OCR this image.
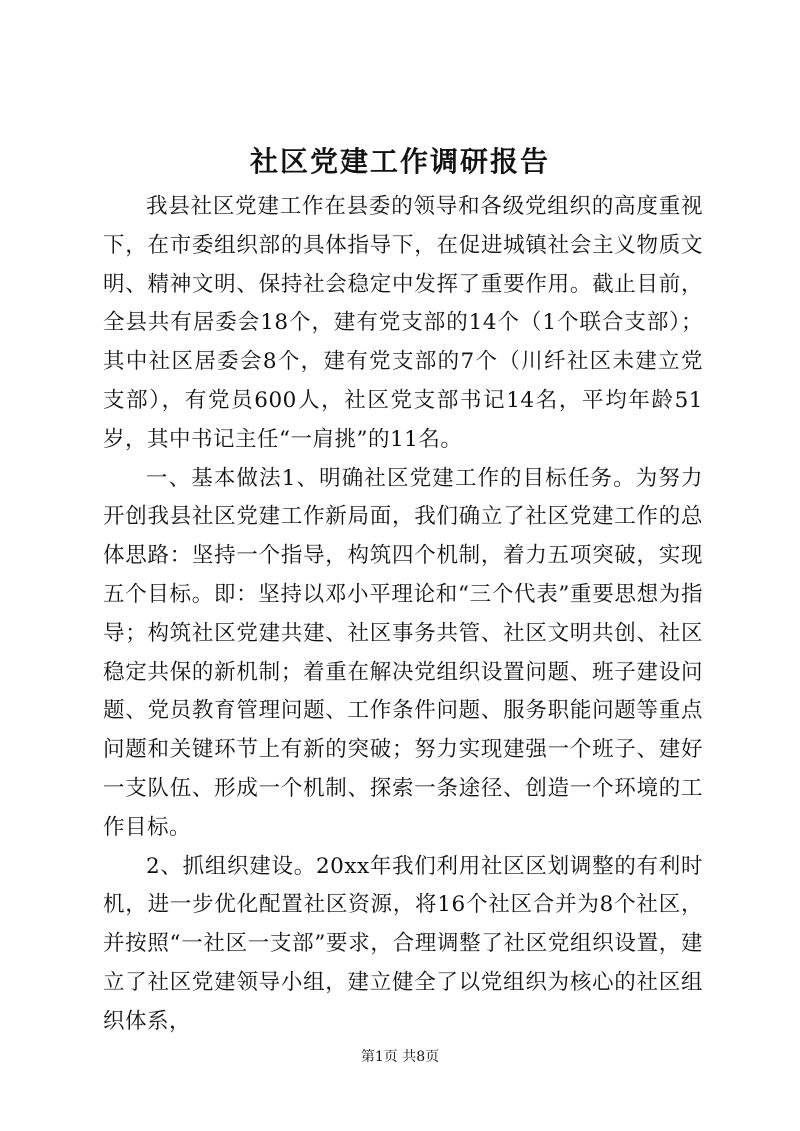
社区党建工作调研报告

我县社区党建工作在县委的领导和各级党组织的高度重视下，在市委组织部的具体指导下，在促进城镇社会主义物质文明、精神文明、保持社会稳定中发挥了重要作用。截止目前，全县共有居委会18个，建有党支部的14个（1个联合支部）；其中社区居委会8个，建有党支部的7个（川纤社区未建立党支部），有党员600人，社区党支部书记14名，平均年龄51岁，其中书记主任“一肩挑”的11名。

一、基本做法1、明确社区党建工作的目标任务。为努力开创我县社区党建工作新局面，我们确立了社区党建工作的总体思路：坚持一个指导，构筑四个机制，着力五项突破，实现五个目标。即：坚持以邓小平理论和“三个代表”重要思想为指导；构筑社区党建共建、社区事务共管、社区文明共创、社区稳定共保的新机制；着重在解决党组织设置问题、班子建设问题、党员教育管理问题、工作条件问题、服务职能问题等重点问题和关键环节上有新的突破；努力实现建强一个班子、建好一支队伍、形成一个机制、探索一条途径、创造一个环境的工作目标。

2、抓组织建设。20xx年我们利用社区区划调整的有利时机，进一步优化配置社区资源，将16个社区合并为8个社区，并按照“一社区一支部”要求，合理调整了社区党组织设置，建立了社区党建领导小组，建立健全了以党组织为核心的社区组织体系，

第1页 共8页
